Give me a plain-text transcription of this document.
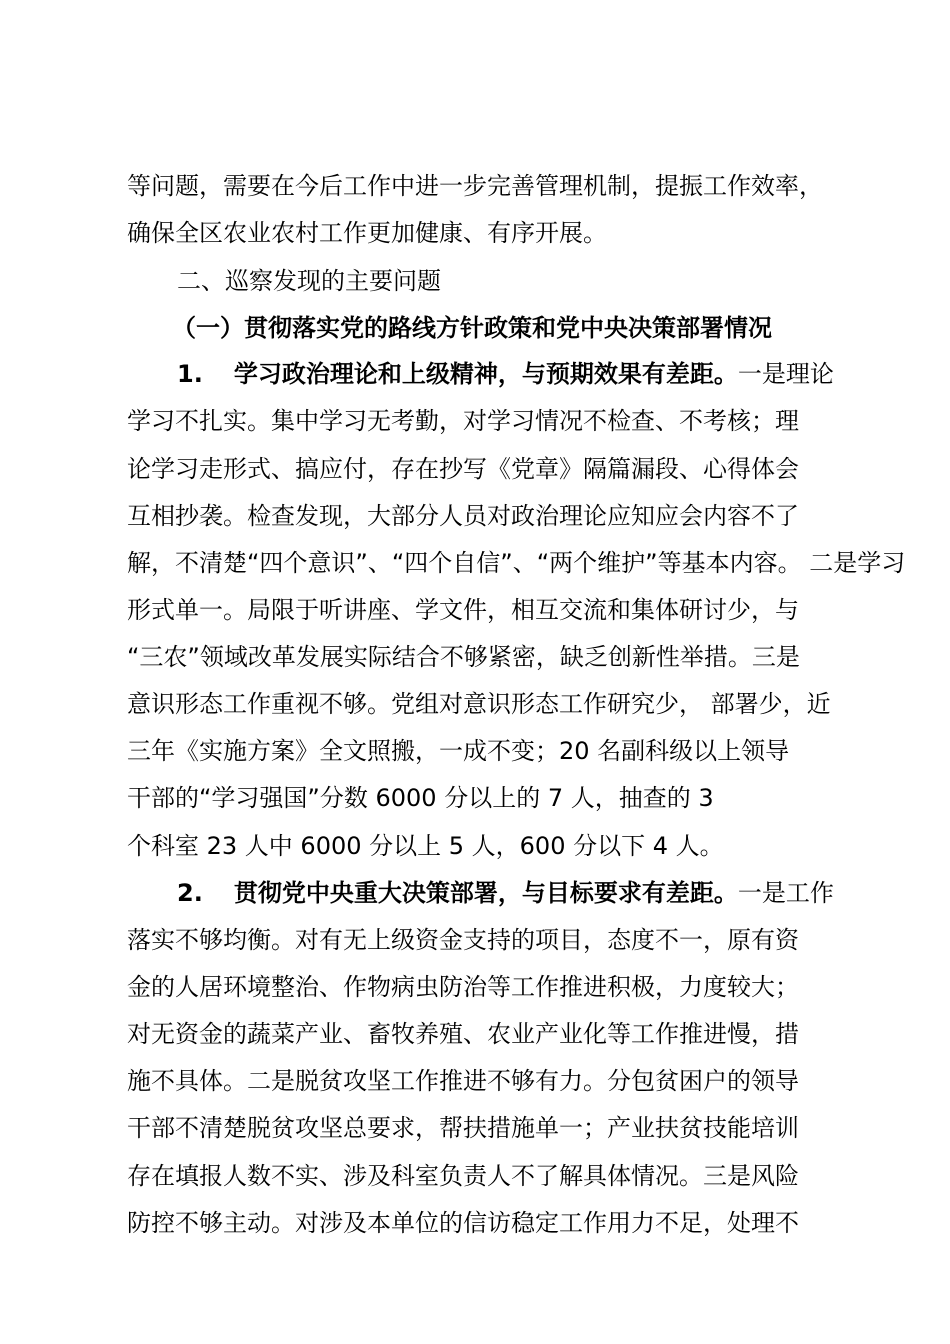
等问题，需要在今后工作中进一步完善管理机制，提振工作效率，
确保全区农业农村工作更加健康、有序开展。
二、巡察发现的主要问题
（一）贯彻落实党的路线方针政策和党中央决策部署情况
1. 学习政治理论和上级精神，与预期效果有差距。一是理论
学习不扎实。集中学习无考勤，对学习情况不检查、不考核；理
论学习走形式、搞应付，存在抄写《党章》隔篇漏段、心得体会
互相抄袭。检查发现，大部分人员对政治理论应知应会内容不了
解，不清楚“四个意识”、“四个自信”、“两个维护”等基本内容。 二是学习
形式单一。局限于听讲座、学文件，相互交流和集体研讨少，与
“三农”领域改革发展实际结合不够紧密，缺乏创新性举措。三是
意识形态工作重视不够。党组对意识形态工作研究少， 部署少，近
三年《实施方案》全文照搬，一成不变；20 名副科级以上领导
干部的“学习强国”分数 6000 分以上的 7 人，抽查的 3
个科室 23 人中 6000 分以上 5 人，600 分以下 4 人。
2. 贯彻党中央重大决策部署，与目标要求有差距。一是工作
落实不够均衡。对有无上级资金支持的项目，态度不一，原有资
金的人居环境整治、作物病虫防治等工作推进积极，力度较大；
对无资金的蔬菜产业、畜牧养殖、农业产业化等工作推进慢，措
施不具体。二是脱贫攻坚工作推进不够有力。分包贫困户的领导
干部不清楚脱贫攻坚总要求，帮扶措施单一；产业扶贫技能培训
存在填报人数不实、涉及科室负责人不了解具体情况。三是风险
防控不够主动。对涉及本单位的信访稳定工作用力不足，处理不
